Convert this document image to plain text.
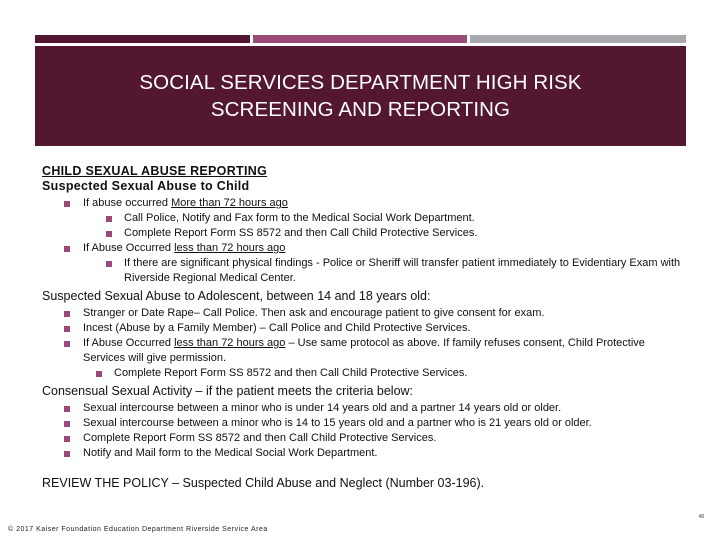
SOCIAL SERVICES DEPARTMENT HIGH RISK SCREENING AND REPORTING
CHILD SEXUAL ABUSE REPORTING
Suspected Sexual Abuse to Child
If abuse occurred More than 72 hours ago
Call Police, Notify and Fax form to the Medical Social Work Department.
Complete Report Form SS 8572 and then Call Child Protective Services.
If Abuse Occurred less than 72 hours ago
If there are significant physical findings - Police or Sheriff will transfer patient immediately to Evidentiary Exam with Riverside Regional Medical Center.
Suspected Sexual Abuse to Adolescent, between 14 and 18 years old:
Stranger or Date Rape– Call Police. Then ask and encourage patient to give consent for exam.
Incest (Abuse by a Family Member) – Call Police and Child Protective Services.
If Abuse Occurred less than 72 hours ago – Use same protocol as above. If family refuses consent, Child Protective Services will give permission.
Complete Report Form SS 8572 and then Call Child Protective Services.
Consensual Sexual Activity – if the patient meets the criteria below:
Sexual intercourse between a minor who is under 14 years old and a partner 14 years old or older.
Sexual intercourse between a minor who is 14 to 15 years old and a partner who is 21 years old or older.
Complete Report Form SS 8572 and then Call Child Protective Services.
Notify and Mail form to the Medical Social Work Department.
REVIEW THE POLICY – Suspected Child Abuse and Neglect (Number 03-196).
© 2017 Kaiser Foundation Education Department Riverside Service Area
48
